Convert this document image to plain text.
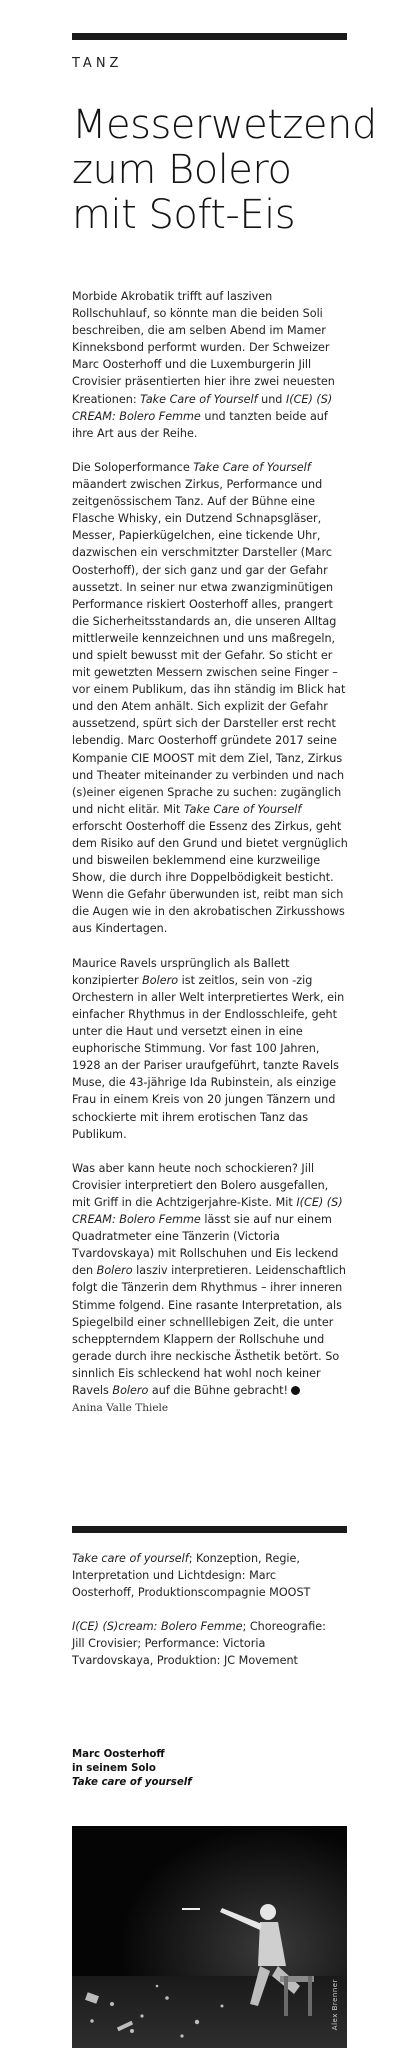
TANZ
Messerwetzend zum Bolero mit Soft-Eis

Morbide Akrobatik trifft auf lasziven Rollschuhlauf, so könnte man die beiden Soli beschreiben, die am selben Abend im Mamer Kinneksbond performt wurden. Der Schweizer Marc Oosterhoff und die Luxemburgerin Jill Crovisier präsentierten hier ihre zwei neuesten Kreationen: Take Care of Yourself und I(CE) (S) CREAM: Bolero Femme und tanzten beide auf ihre Art aus der Reihe.

Die Soloperformance Take Care of Yourself mäandert zwischen Zirkus, Performance und zeitgenössischem Tanz. Auf der Bühne eine Flasche Whisky, ein Dutzend Schnapsgläser, Messer, Papierkügelchen, eine tickende Uhr, dazwischen ein verschmitzter Darsteller (Marc Oosterhoff), der sich ganz und gar der Gefahr aussetzt. In seiner nur etwa zwanzigminütigen Performance riskiert Oosterhoff alles, prangert die Sicherheitsstandards an, die unseren Alltag mittlerweile kennzeichnen und uns maßregeln, und spielt bewusst mit der Gefahr. So sticht er mit gewetzten Messern zwischen seine Finger – vor einem Publikum, das ihn ständig im Blick hat und den Atem anhält. Sich explizit der Gefahr aussetzend, spürt sich der Darsteller erst recht lebendig. Marc Oosterhoff gründete 2017 seine Kompanie CIE MOOST mit dem Ziel, Tanz, Zirkus und Theater miteinander zu verbinden und nach (s)einer eigenen Sprache zu suchen: zugänglich und nicht elitär. Mit Take Care of Yourself erforscht Oosterhoff die Essenz des Zirkus, geht dem Risiko auf den Grund und bietet vergnüglich und bisweilen beklemmend eine kurzweilige Show, die durch ihre Doppelbödigkeit besticht. Wenn die Gefahr überwunden ist, reibt man sich die Augen wie in den akrobatischen Zirkusshows aus Kindertagen.

Maurice Ravels ursprünglich als Ballett konzipierter Bolero ist zeitlos, sein von -zig Orchestern in aller Welt interpretiertes Werk, ein einfacher Rhythmus in der Endlosschleife, geht unter die Haut und versetzt einen in eine euphorische Stimmung. Vor fast 100 Jahren, 1928 an der Pariser uraufgeführt, tanzte Ravels Muse, die 43-jährige Ida Rubinstein, als einzige Frau in einem Kreis von 20 jungen Tänzern und schockierte mit ihrem erotischen Tanz das Publikum.

Was aber kann heute noch schockieren? Jill Crovisier interpretiert den Bolero ausgefallen, mit Griff in die Achtzigerjahre-Kiste. Mit I(CE) (S) CREAM: Bolero Femme lässt sie auf nur einem Quadratmeter eine Tänzerin (Victoria Tvardovskaya) mit Rollschuhen und Eis leckend den Bolero lasziv interpretieren. Leidenschaftlich folgt die Tänzerin dem Rhythmus – ihrer inneren Stimme folgend. Eine rasante Interpretation, als Spiegelbild einer schnelllebigen Zeit, die unter scheppterndem Klappern der Rollschuhe und gerade durch ihre neckische Ästhetik betört. So sinnlich Eis schleckend hat wohl noch keiner Ravels Bolero auf die Bühne gebracht!

Anina Valle Thiele

Take care of yourself; Konzeption, Regie, Interpretation und Lichtdesign: Marc Oosterhoff, Produktionscompagnie MOOST

I(CE) (S)cream: Bolero Femme; Choreografie: Jill Crovisier; Performance: Victoria Tvardovskaya, Produktion: JC Movement

Marc Oosterhoff
in seinem Solo
Take care of yourself
Alex Brenner
